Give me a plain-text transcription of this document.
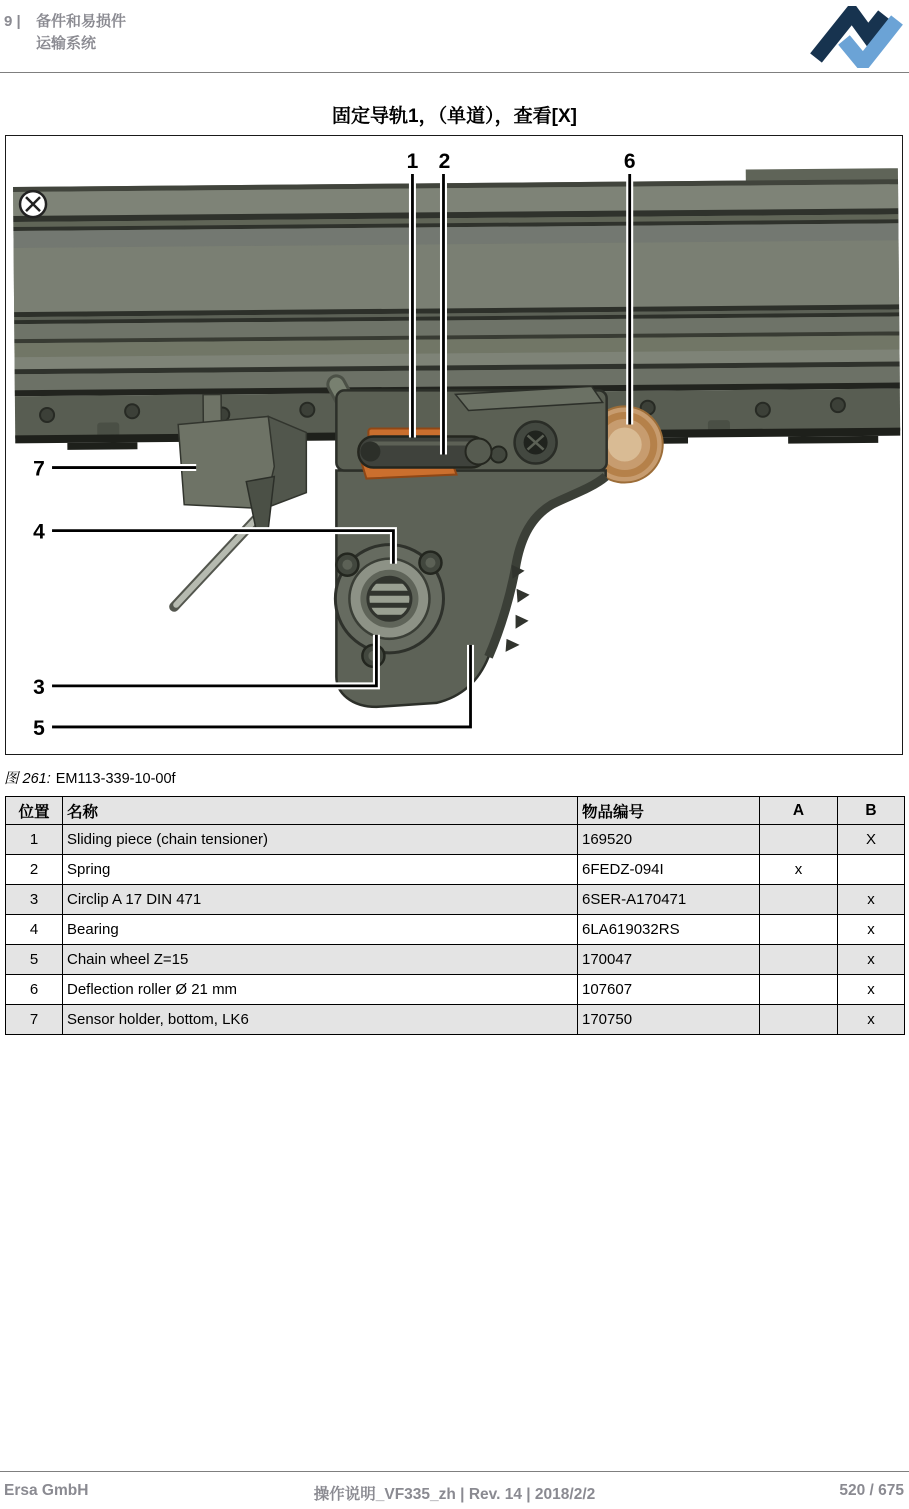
9 |	备件和易损件
运输系统
固定导轨1，（单道），查看[X]
1 2	6
7
4
3
5
图 261: EM113-339-10-00f
位置	名称	物品编号	A	B
1	Sliding piece (chain tensioner)	169520		X
2	Spring	6FEDZ-094I	x	
3	Circlip A 17 DIN 471	6SER-A170471		x
4	Bearing	6LA619032RS		x
5	Chain wheel Z=15	170047		x
6	Deflection roller Ø 21 mm	107607		x
7	Sensor holder, bottom, LK6	170750		x
Ersa GmbH	操作说明_VF335_zh | Rev. 14 | 2018/2/2	520 / 675
